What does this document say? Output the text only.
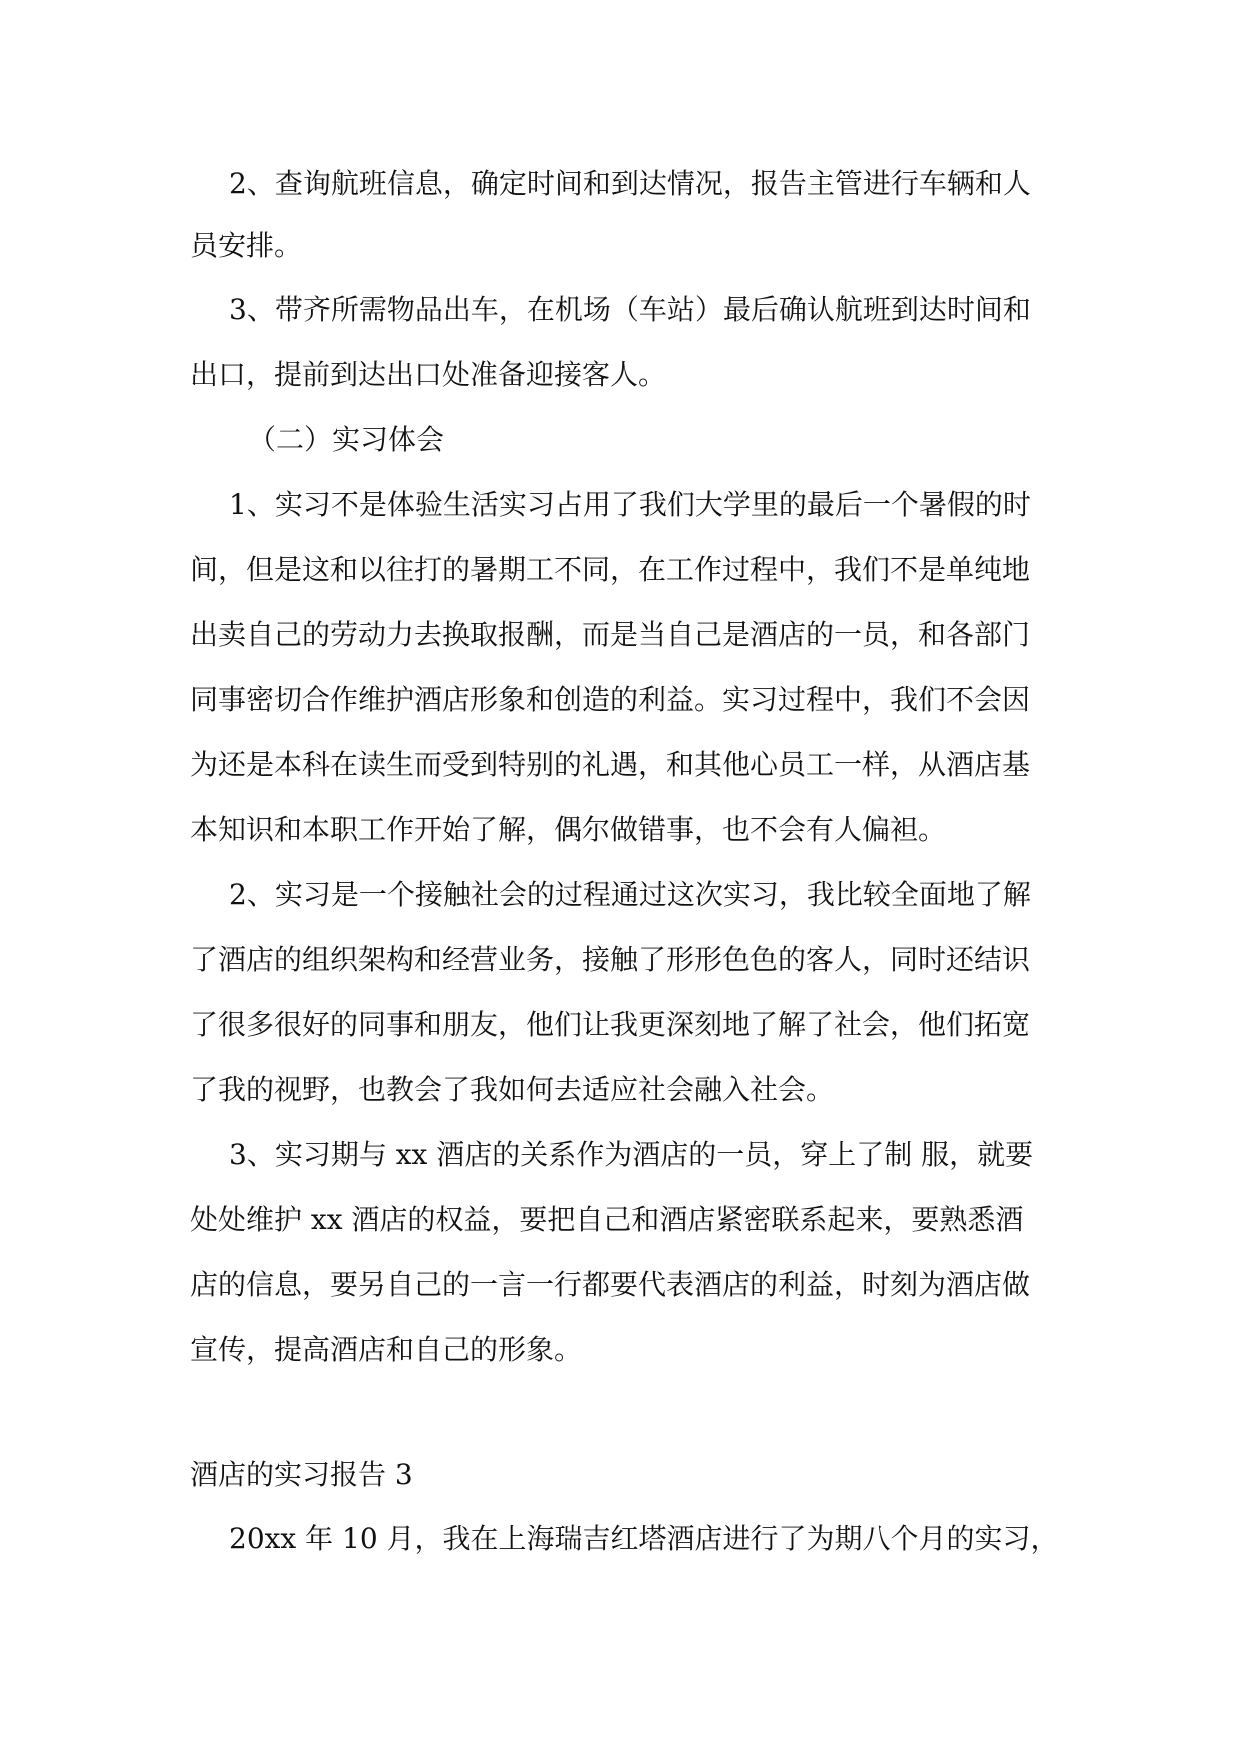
2、查询航班信息，确定时间和到达情况，报告主管进行车辆和人
员安排。
3、带齐所需物品出车，在机场（车站）最后确认航班到达时间和
出口，提前到达出口处准备迎接客人。
（二）实习体会
1、实习不是体验生活实习占用了我们大学里的最后一个暑假的时
间，但是这和以往打的暑期工不同，在工作过程中，我们不是单纯地
出卖自己的劳动力去换取报酬，而是当自己是酒店的一员，和各部门
同事密切合作维护酒店形象和创造的利益。实习过程中，我们不会因
为还是本科在读生而受到特别的礼遇，和其他心员工一样，从酒店基
本知识和本职工作开始了解，偶尔做错事，也不会有人偏袒。
2、实习是一个接触社会的过程通过这次实习，我比较全面地了解
了酒店的组织架构和经营业务，接触了形形色色的客人，同时还结识
了很多很好的同事和朋友，他们让我更深刻地了解了社会，他们拓宽
了我的视野，也教会了我如何去适应社会融入社会。
3、实习期与 xx 酒店的关系作为酒店的一员，穿上了制 服，就要
处处维护 xx 酒店的权益，要把自己和酒店紧密联系起来，要熟悉酒
店的信息，要另自己的一言一行都要代表酒店的利益，时刻为酒店做
宣传，提高酒店和自己的形象。
酒店的实习报告 3
20xx 年 10 月，我在上海瑞吉红塔酒店进行了为期八个月的实习，
